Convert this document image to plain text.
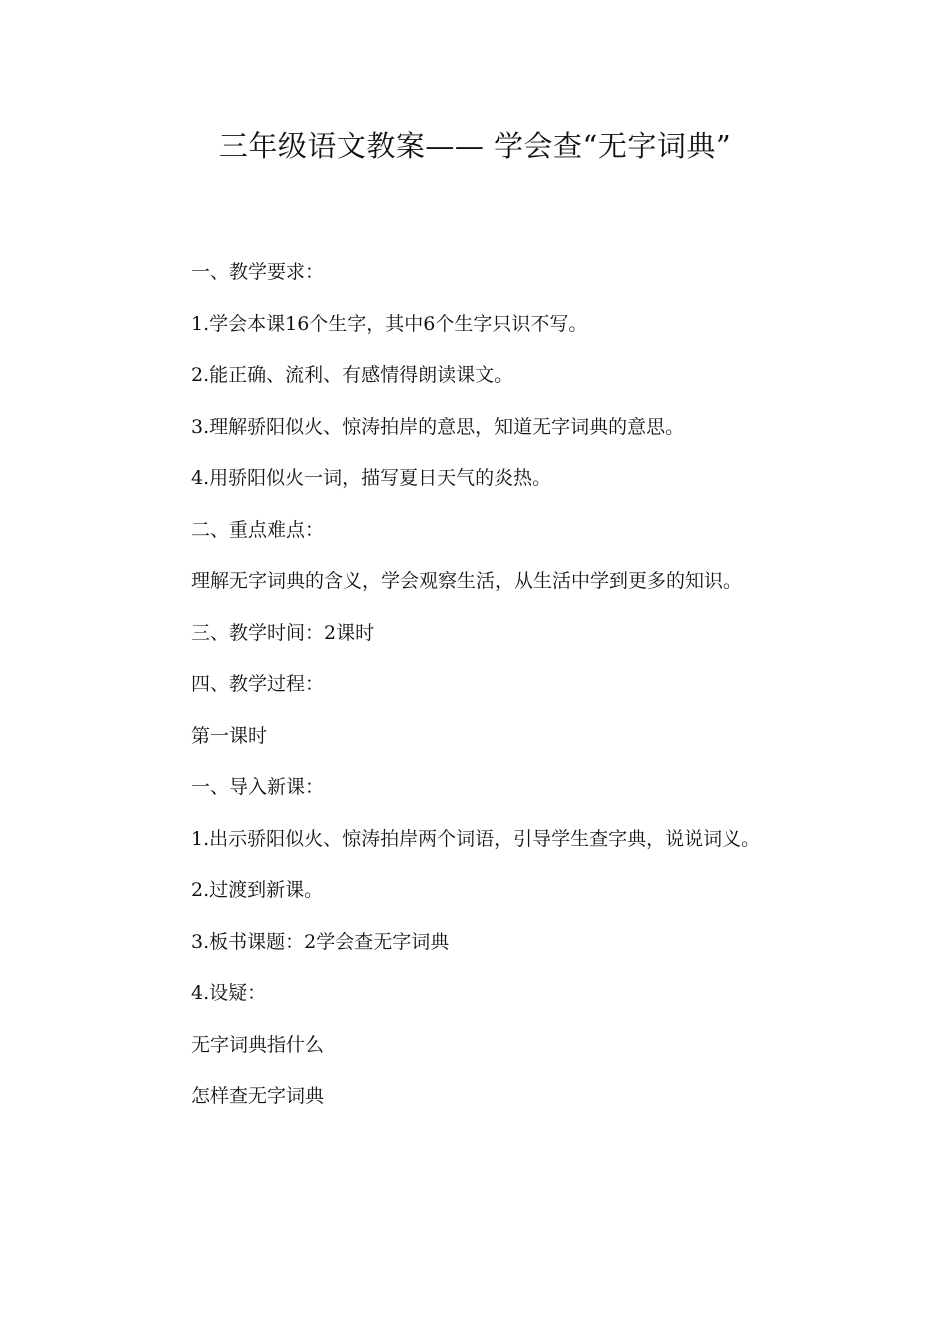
三年级语文教案—— 学会查“无字词典”

一、教学要求：

1.学会本课16个生字，其中6个生字只识不写。

2.能正确、流利、有感情得朗读课文。

3.理解骄阳似火、惊涛拍岸的意思，知道无字词典的意思。

4.用骄阳似火一词，描写夏日天气的炎热。

二、重点难点：

理解无字词典的含义，学会观察生活，从生活中学到更多的知识。

三、教学时间：2课时

四、教学过程：

第一课时

一、导入新课：

1.出示骄阳似火、惊涛拍岸两个词语，引导学生查字典，说说词义。

2.过渡到新课。

3.板书课题：2学会查无字词典

4.设疑：

无字词典指什么

怎样查无字词典
